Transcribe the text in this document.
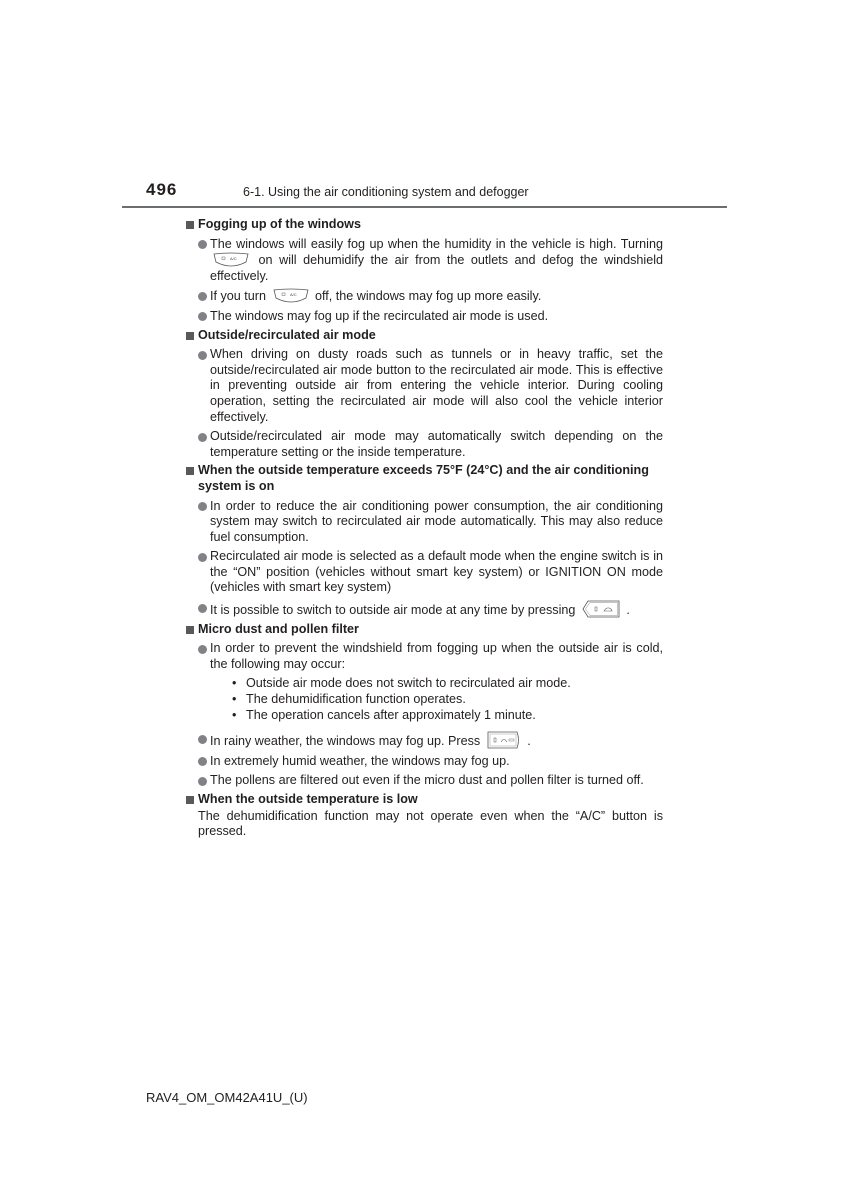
496	6-1. Using the air conditioning system and defogger
Fogging up of the windows
The windows will easily fog up when the humidity in the vehicle is high. Turning
A/C on will dehumidify the air from the outlets and defog the windshield effectively.
If you turn	A/C off, the windows may fog up more easily.
The windows may fog up if the recirculated air mode is used.
Outside/recirculated air mode
When driving on dusty roads such as tunnels or in heavy traffic, set the outside/recirculated air mode button to the recirculated air mode. This is effective in preventing outside air from entering the vehicle interior. During cooling operation, setting the recirculated air mode will also cool the vehicle interior effectively.
Outside/recirculated air mode may automatically switch depending on the temperature setting or the inside temperature.
When the outside temperature exceeds 75°F (24°C) and the air conditioning system is on
In order to reduce the air conditioning power consumption, the air conditioning system may switch to recirculated air mode automatically. This may also reduce fuel consumption.
Recirculated air mode is selected as a default mode when the engine switch is in the “ON” position (vehicles without smart key system) or IGNITION ON mode (vehicles with smart key system)
It is possible to switch to outside air mode at any time by pressing	.
Micro dust and pollen filter
In order to prevent the windshield from fogging up when the outside air is cold, the following may occur:
• Outside air mode does not switch to recirculated air mode.
• The dehumidification function operates.
• The operation cancels after approximately 1 minute.
In rainy weather, the windows may fog up. Press	.
In extremely humid weather, the windows may fog up.
The pollens are filtered out even if the micro dust and pollen filter is turned off.
When the outside temperature is low
The dehumidification function may not operate even when the “A/C” button is pressed.
RAV4_OM_OM42A41U_(U)
